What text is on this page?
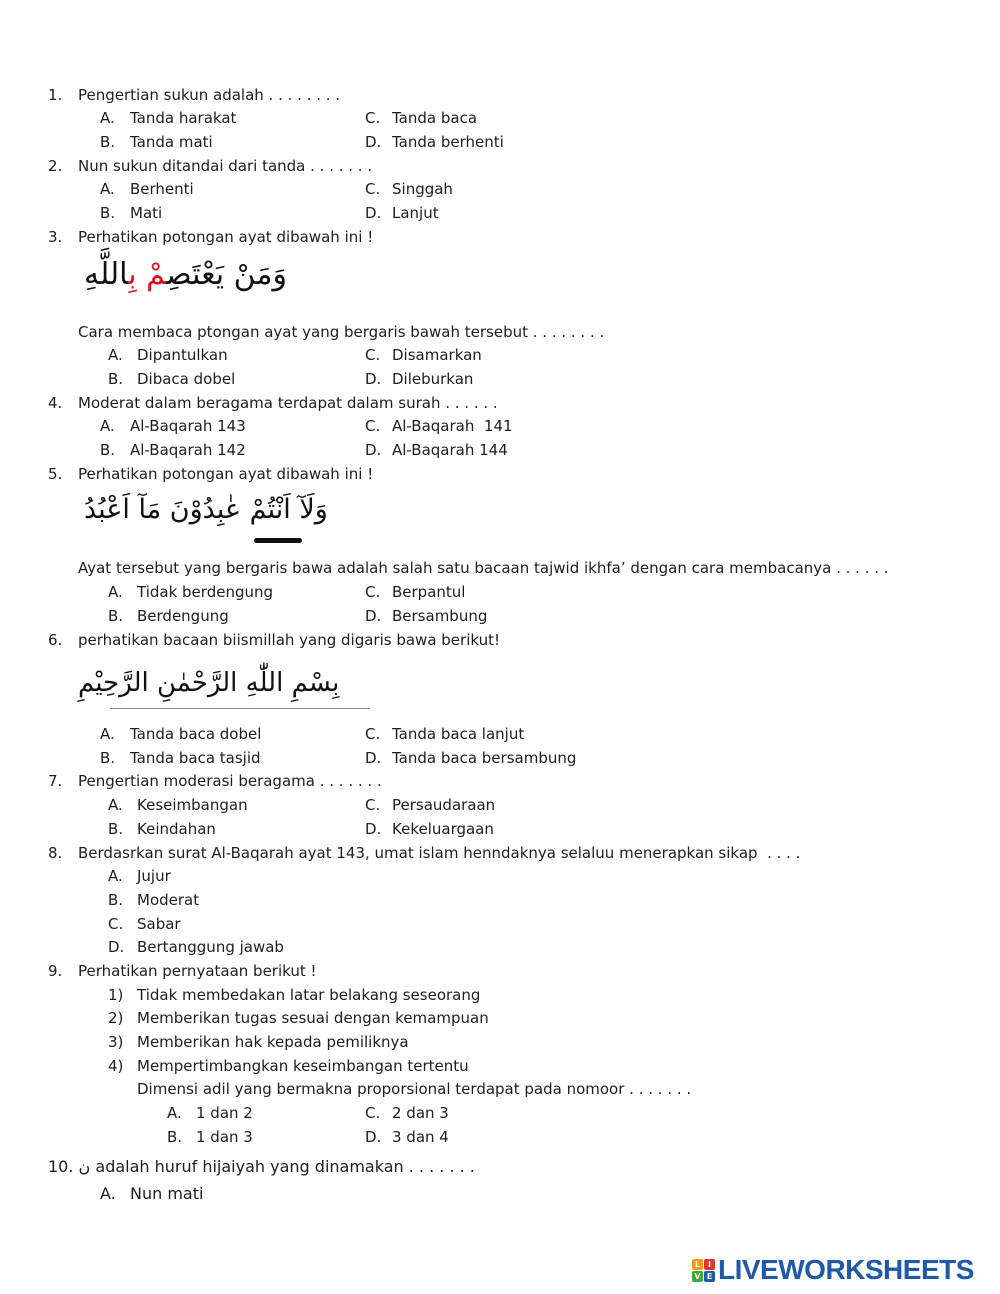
1. Pengertian sukun adalah . . . . . . . .
A. Tanda harakat	C. Tanda baca
B. Tanda mati	D. Tanda berhenti
2. Nun sukun ditandai dari tanda . . . . . . .
A. Berhenti	C. Singgah
B. Mati	D. Lanjut
3. Perhatikan potongan ayat dibawah ini !
وَمَنْ يَعْتَصِمْ بِاللَّهِ
Cara membaca ptongan ayat yang bergaris bawah tersebut . . . . . . . .
A. Dipantulkan	C. Disamarkan
B. Dibaca dobel	D. Dileburkan
4. Moderat dalam beragama terdapat dalam surah . . . . . .
A. Al-Baqarah 143	C. Al-Baqarah  141
B. Al-Baqarah 142	D. Al-Baqarah 144
5. Perhatikan potongan ayat dibawah ini !
وَلَآ اَنْتُمْ عٰبِدُوْنَ مَآ اَعْبُدُ
Ayat tersebut yang bergaris bawa adalah salah satu bacaan tajwid ikhfa’ dengan cara membacanya . . . . . .
A. Tidak berdengung	C. Berpantul
B. Berdengung	D. Bersambung
6. perhatikan bacaan biismillah yang digaris bawa berikut!
بِسْمِ اللّٰهِ الرَّحْمٰنِ الرَّحِيْمِ
A. Tanda baca dobel	C. Tanda baca lanjut
B. Tanda baca tasjid	D. Tanda baca bersambung
7. Pengertian moderasi beragama . . . . . . .
A. Keseimbangan	C. Persaudaraan
B. Keindahan	D. Kekeluargaan
8. Berdasrkan surat Al-Baqarah ayat 143, umat islam henndaknya selaluu menerapkan sikap  . . . .
A. Jujur
B. Moderat
C. Sabar
D. Bertanggung jawab
9. Perhatikan pernyataan berikut !
1) Tidak membedakan latar belakang seseorang
2) Memberikan tugas sesuai dengan kemampuan
3) Memberikan hak kepada pemiliknya
4) Mempertimbangkan keseimbangan tertentu
Dimensi adil yang bermakna proporsional terdapat pada nomoor . . . . . . .
A. 1 dan 2	C. 2 dan 3
B. 1 dan 3	D. 3 dan 4
10. ن adalah huruf hijaiyah yang dinamakan . . . . . . .
A. Nun mati
L I
V E LIVEWORKSHEETS
